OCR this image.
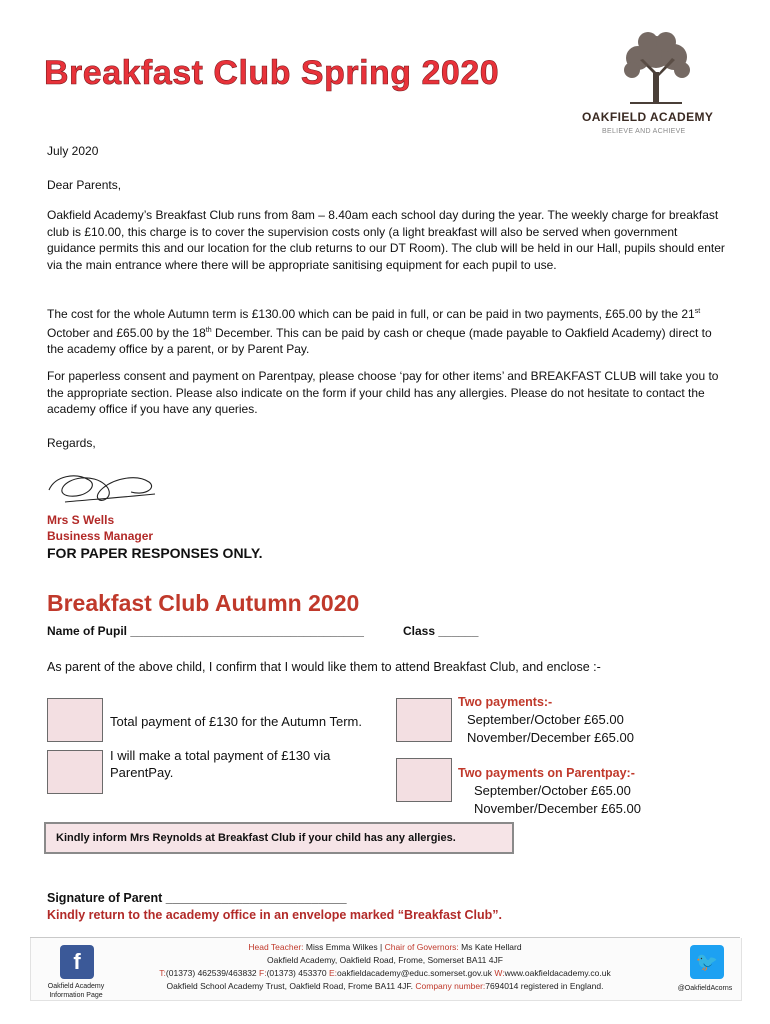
Breakfast Club Spring 2020
OAKFIELD ACADEMY
BELIEVE AND ACHIEVE
July 2020
Dear Parents,
Oakfield Academy’s Breakfast Club runs from 8am – 8.40am each school day during the year. The weekly charge for breakfast club is £10.00, this charge is to cover the supervision costs only (a light breakfast will also be served when government guidance permits this and our location for the club returns to our DT Room). The club will be held in our Hall, pupils should enter via the main entrance where there will be appropriate sanitising equipment for each pupil to use.
The cost for the whole Autumn term is £130.00 which can be paid in full, or can be paid in two payments, £65.00 by the 21st October and £65.00 by the 18th December. This can be paid by cash or cheque (made payable to Oakfield Academy) direct to the academy office by a parent, or by Parent Pay.
For paperless consent and payment on Parentpay, please choose ‘pay for other items’ and BREAKFAST CLUB will take you to the appropriate section. Please also indicate on the form if your child has any allergies. Please do not hesitate to contact the academy office if you have any queries.
Regards,
Mrs S Wells
Business Manager
FOR PAPER RESPONSES ONLY.
Breakfast Club Autumn 2020
Name of Pupil ___________________________________	Class ______
As parent of the above child, I confirm that I would like them to attend Breakfast Club, and enclose :-
Total payment of £130 for the Autumn Term.
I will make a total payment of £130 via
ParentPay.
Two payments:-
September/October £65.00
November/December £65.00
Two payments on Parentpay:-
September/October £65.00
November/December £65.00
Kindly inform Mrs Reynolds at Breakfast Club if your child has any allergies.
Signature of Parent __________________________
Kindly return to the academy office in an envelope marked “Breakfast Club”.
f
Oakfield Academy
Information Page
Head Teacher: Miss Emma Wilkes | Chair of Governors: Ms Kate Hellard
Oakfield Academy, Oakfield Road, Frome, Somerset BA11 4JF
T:(01373) 462539/463832 F:(01373) 453370 E:oakfieldacademy@educ.somerset.gov.uk W:www.oakfieldacademy.co.uk
Oakfield School Academy Trust, Oakfield Road, Frome BA11 4JF. Company number:7694014 registered in England.
🐦
@OakfieldAcorns
